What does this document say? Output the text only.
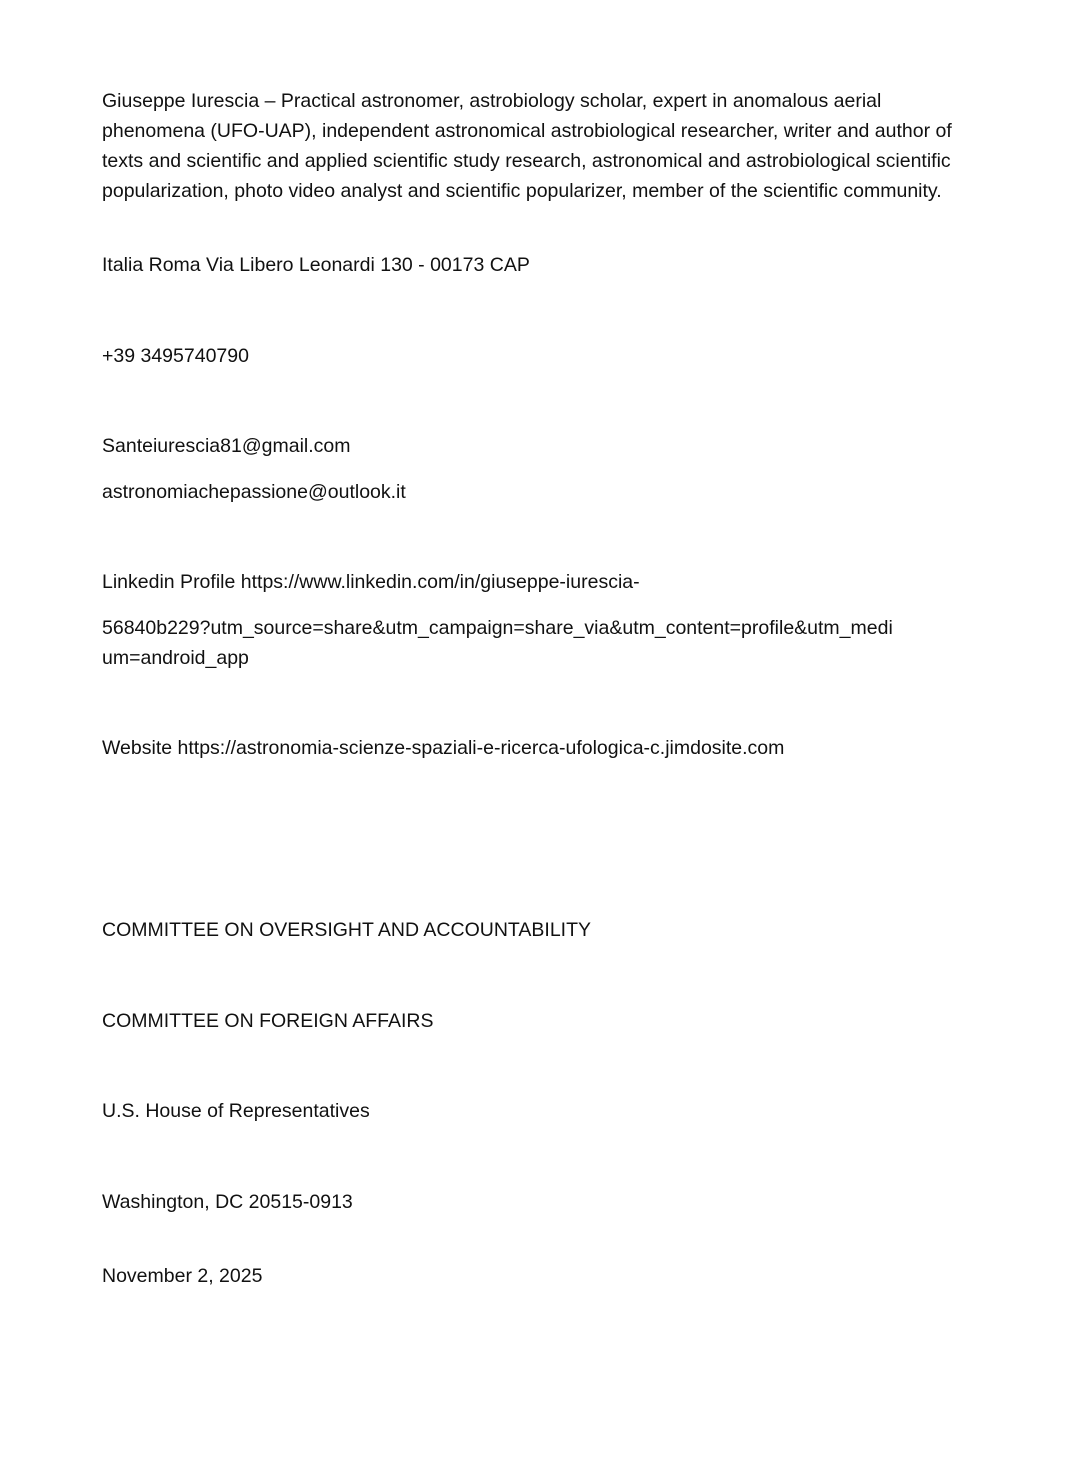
Giuseppe Iurescia – Practical astronomer, astrobiology scholar, expert in anomalous aerial phenomena (UFO-UAP), independent astronomical astrobiological researcher, writer and author of texts and scientific and applied scientific study research, astronomical and astrobiological scientific popularization, photo video analyst and scientific popularizer, member of the scientific community.

Italia Roma Via Libero Leonardi 130 - 00173 CAP
+39 3495740790
Santeiurescia81@gmail.com
astronomiachepassione@outlook.it
Linkedin Profile https://www.linkedin.com/in/giuseppe-iurescia-
56840b229?utm_source=share&utm_campaign=share_via&utm_content=profile&utm_medi
um=android_app
Website https://astronomia-scienze-spaziali-e-ricerca-ufologica-c.jimdosite.com
COMMITTEE ON OVERSIGHT AND ACCOUNTABILITY
COMMITTEE ON FOREIGN AFFAIRS
U.S. House of Representatives
Washington, DC 20515-0913
November 2, 2025
